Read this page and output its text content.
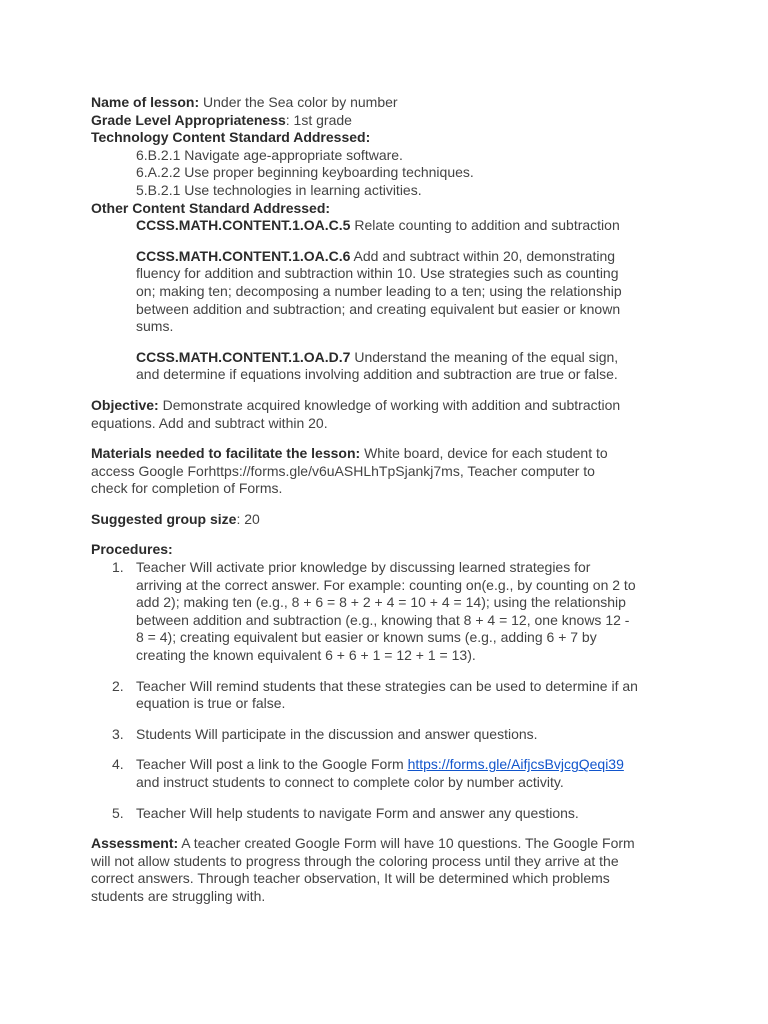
Name of lesson: Under the Sea color by number
Grade Level Appropriateness: 1st grade
Technology Content Standard Addressed:
6.B.2.1 Navigate age-appropriate software.
6.A.2.2 Use proper beginning keyboarding techniques.
5.B.2.1 Use technologies in learning activities.
Other Content Standard Addressed:
CCSS.MATH.CONTENT.1.OA.C.5 Relate counting to addition and subtraction
CCSS.MATH.CONTENT.1.OA.C.6 Add and subtract within 20, demonstrating
fluency for addition and subtraction within 10. Use strategies such as counting
on; making ten; decomposing a number leading to a ten; using the relationship
between addition and subtraction; and creating equivalent but easier or known
sums.
CCSS.MATH.CONTENT.1.OA.D.7 Understand the meaning of the equal sign,
and determine if equations involving addition and subtraction are true or false.
Objective: Demonstrate acquired knowledge of working with addition and subtraction
equations. Add and subtract within 20.
Materials needed to facilitate the lesson: White board, device for each student to
access Google Forhttps://forms.gle/v6uASHLhTpSjankj7ms, Teacher computer to
check for completion of Forms.
Suggested group size: 20
Procedures:
1. Teacher Will activate prior knowledge by discussing learned strategies for
arriving at the correct answer. For example: counting on(e.g., by counting on 2 to
add 2); making ten (e.g., 8 + 6 = 8 + 2 + 4 = 10 + 4 = 14); using the relationship
between addition and subtraction (e.g., knowing that 8 + 4 = 12, one knows 12 -
8 = 4); creating equivalent but easier or known sums (e.g., adding 6 + 7 by
creating the known equivalent 6 + 6 + 1 = 12 + 1 = 13).
2. Teacher Will remind students that these strategies can be used to determine if an
equation is true or false.
3. Students Will participate in the discussion and answer questions.
4. Teacher Will post a link to the Google Form https://forms.gle/AifjcsBvjcgQeqi39
and instruct students to connect to complete color by number activity.
5. Teacher Will help students to navigate Form and answer any questions.
Assessment: A teacher created Google Form will have 10 questions. The Google Form
will not allow students to progress through the coloring process until they arrive at the
correct answers. Through teacher observation, It will be determined which problems
students are struggling with.
